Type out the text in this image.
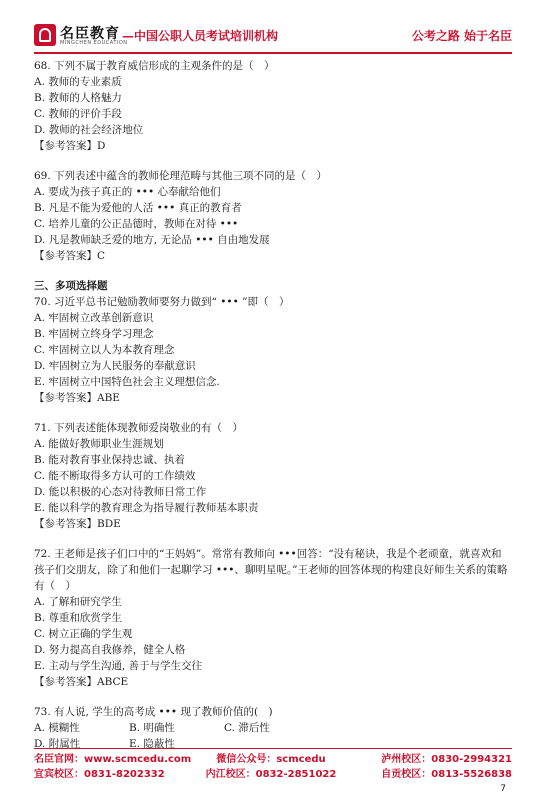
名臣教育
MINGCHEN EDUCATION
—中国公职人员考试培训机构	公考之路 始于名臣

68. 下列不属于教育威信形成的主观条件的是（　）

A. 教师的专业素质

B. 教师的人格魅力

C. 教师的评价手段

D. 教师的社会经济地位

【参考答案】D

69. 下列表述中蕴含的教师伦理范畴与其他三项不同的是（　）

A. 要成为孩子真正的 ••• 心奉献给他们

B. 凡是不能为爱他的人活 ••• 真正的教育者

C. 培养儿童的公正品德时，教师在对待 •••

D. 凡是教师缺乏爱的地方, 无论品 ••• 自由地发展

【参考答案】C

三、多项选择题

70. 习近平总书记勉励教师要努力做到“ ••• ”即（　）

A. 牢固树立改革创新意识

B. 牢固树立终身学习理念

C. 牢固树立以人为本教育理念

D. 牢固树立为人民服务的奉献意识

E. 牢固树立中国特色社会主义理想信念.

【参考答案】ABE

71. 下列表述能体现教师爱岗敬业的有（　）

A. 能做好教师职业生涯规划

B. 能对教育事业保持忠诚、执着

C. 能不断取得多方认可的工作绩效

D. 能以积极的心态对待教师日常工作

E. 能以科学的教育理念为指导履行教师基本职责

【参考答案】BDE

72. 王老师是孩子们口中的“王妈妈”。常常有教师向 •••回答：“没有秘诀，我是个老顽童，就喜欢和孩子们交朋友，除了和他们一起聊学习 •••、聊明星呢。”王老师的回答体现的构建良好师生关系的策略有（　）

A. 了解和研究学生

B. 尊重和欣赏学生

C. 树立正确的学生观

D. 努力提高自我修养，健全人格

E. 主动与学生沟通, 善于与学生交往

【参考答案】ABCE

73. 有人说, 学生的高考成 ••• 现了教师价值的(　)

A. 模糊性	B. 明确性	C. 滞后性
D. 附属性	E. 隐蔽性
名臣官网：www.scmcedu.com	微信公众号：scmcedu	泸州校区：0830-2994321
宜宾校区：0831-8202332	内江校区：0832-2851022	自贡校区：0813-5526838
7
